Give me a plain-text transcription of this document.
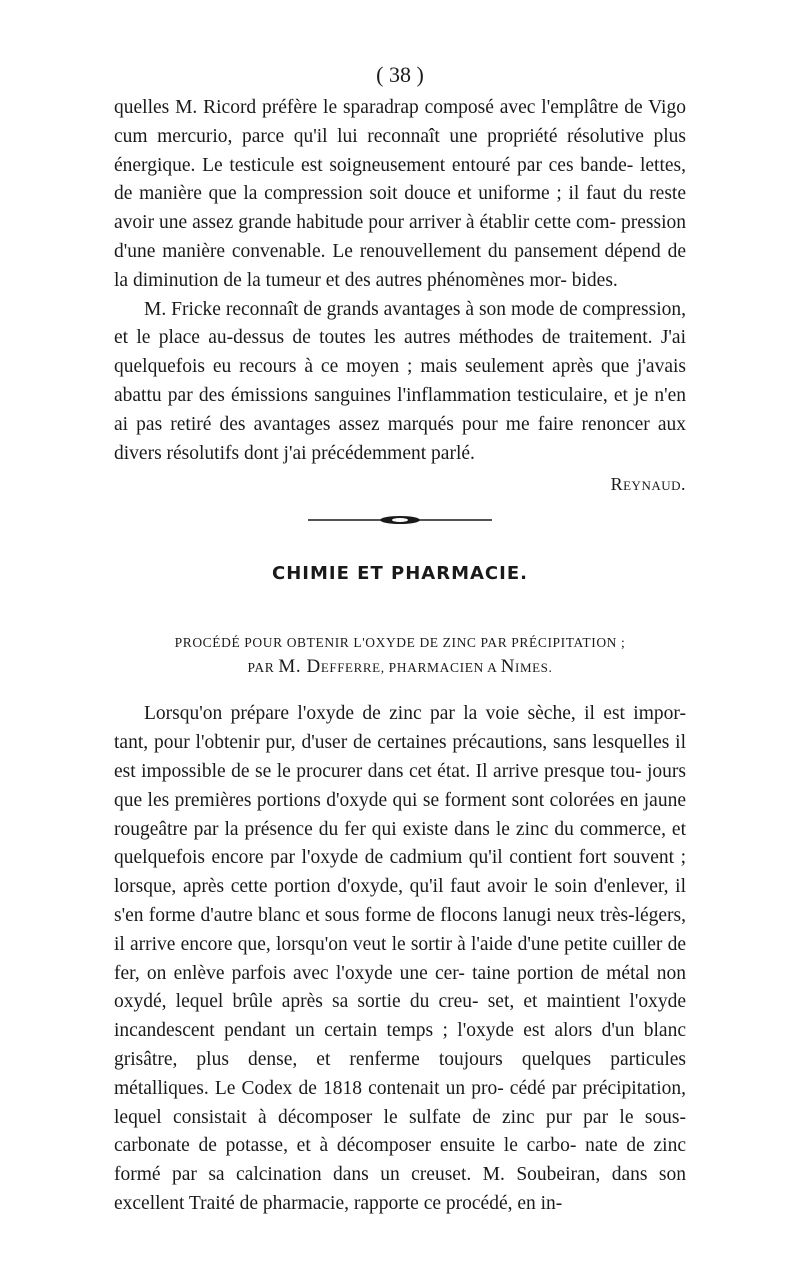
( 38 )

quelles M. Ricord préfère le sparadrap composé avec l'emplâtre de Vigo cum mercurio, parce qu'il lui reconnaît une propriété résolutive plus énergique. Le testicule est soigneusement entouré par ces bande- lettes, de manière que la compression soit douce et uniforme ; il faut du reste avoir une assez grande habitude pour arriver à établir cette com- pression d'une manière convenable. Le renouvellement du pansement dépend de la diminution de la tumeur et des autres phénomènes mor- bides.

M. Fricke reconnaît de grands avantages à son mode de compression, et le place au-dessus de toutes les autres méthodes de traitement. J'ai quelquefois eu recours à ce moyen ; mais seulement après que j'avais abattu par des émissions sanguines l'inflammation testiculaire, et je n'en ai pas retiré des avantages assez marqués pour me faire renoncer aux divers résolutifs dont j'ai précédemment parlé.

Reynaud.

CHIMIE ET PHARMACIE.
PROCÉDÉ POUR OBTENIR L'OXYDE DE ZINC PAR PRÉCIPITATION ;
PAR M. Defferre, PHARMACIEN A Nimes.

Lorsqu'on prépare l'oxyde de zinc par la voie sèche, il est impor- tant, pour l'obtenir pur, d'user de certaines précautions, sans lesquelles il est impossible de se le procurer dans cet état. Il arrive presque tou- jours que les premières portions d'oxyde qui se forment sont colorées en jaune rougeâtre par la présence du fer qui existe dans le zinc du commerce, et quelquefois encore par l'oxyde de cadmium qu'il contient fort souvent ; lorsque, après cette portion d'oxyde, qu'il faut avoir le soin d'enlever, il s'en forme d'autre blanc et sous forme de flocons lanugi neux très-légers, il arrive encore que, lorsqu'on veut le sortir à l'aide d'une petite cuiller de fer, on enlève parfois avec l'oxyde une cer- taine portion de métal non oxydé, lequel brûle après sa sortie du creu- set, et maintient l'oxyde incandescent pendant un certain temps ; l'oxyde est alors d'un blanc grisâtre, plus dense, et renferme toujours quelques particules métalliques. Le Codex de 1818 contenait un pro- cédé par précipitation, lequel consistait à décomposer le sulfate de zinc pur par le sous-carbonate de potasse, et à décomposer ensuite le carbo- nate de zinc formé par sa calcination dans un creuset. M. Soubeiran, dans son excellent Traité de pharmacie, rapporte ce procédé, en in-
